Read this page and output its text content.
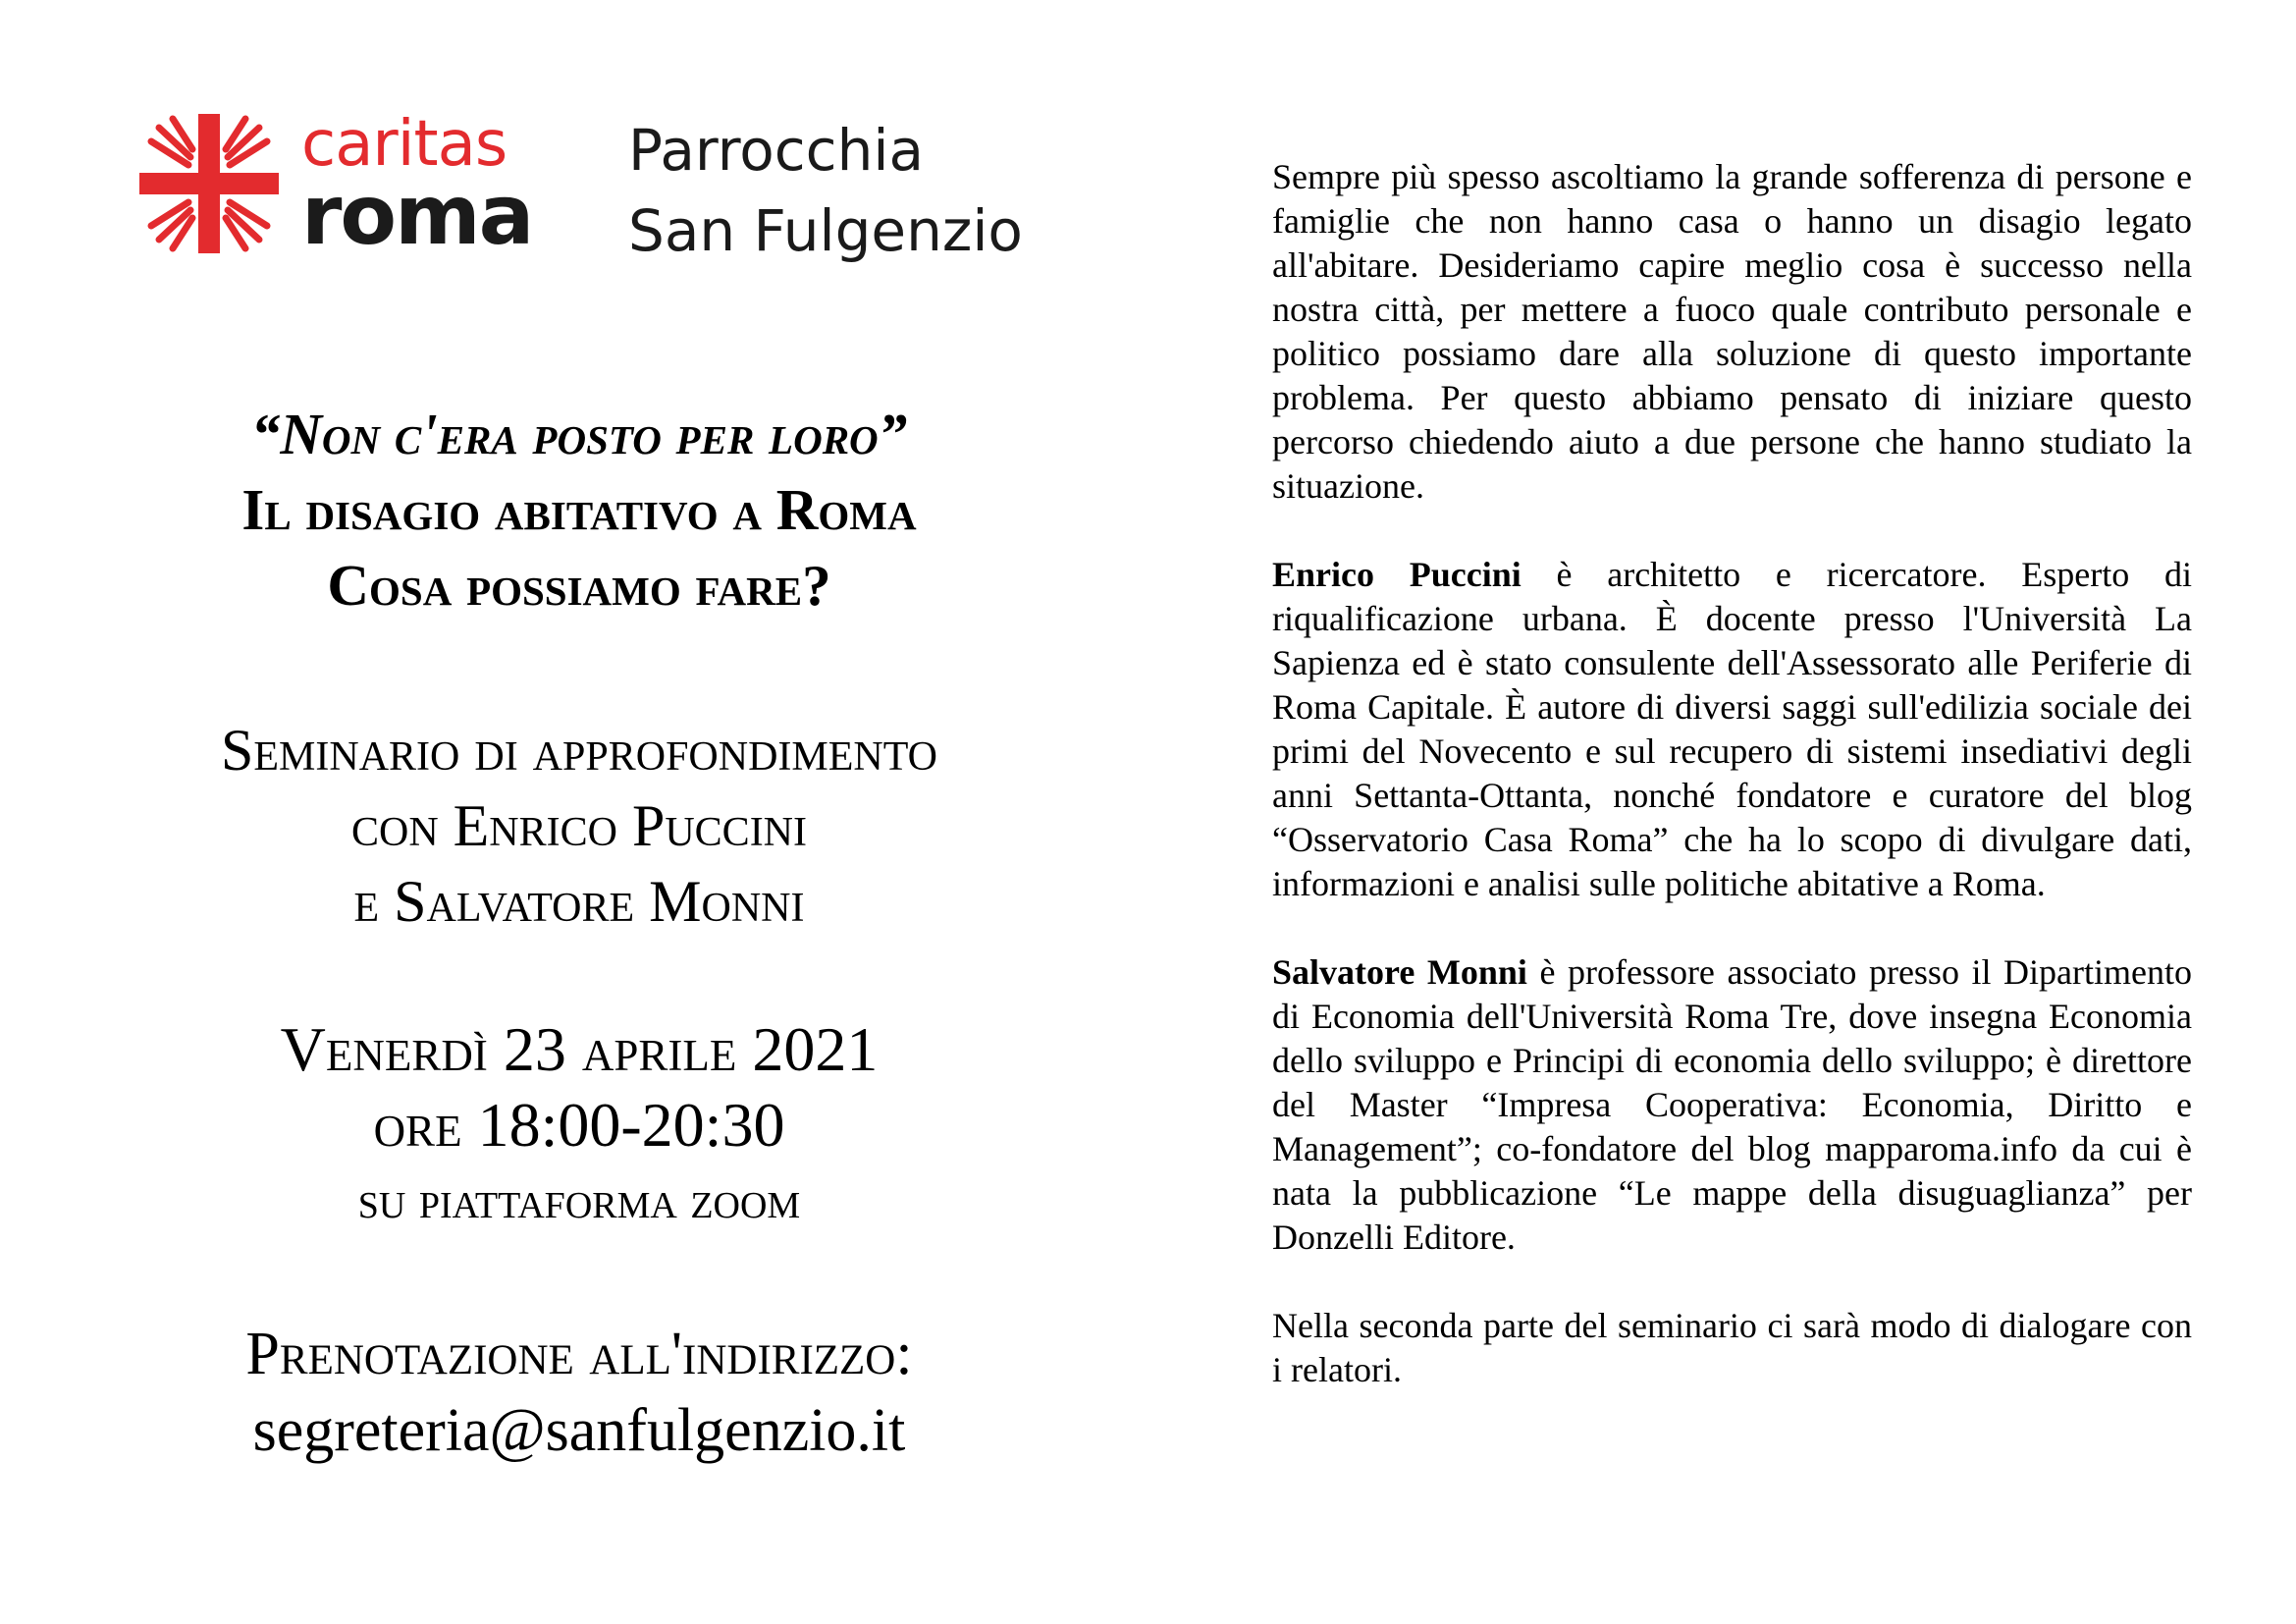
caritas
roma
Parrocchia
San Fulgenzio
“Non c'era posto per loro”
Il disagio abitativo a Roma
Cosa possiamo fare?
Seminario di approfondimento
con Enrico Puccini
e Salvatore Monni
Venerdì 23 aprile 2021
ore 18:00-20:30
su piattaforma zoom
Prenotazione all'indirizzo:
segreteria@sanfulgenzio.it

Sempre più spesso ascoltiamo la grande sofferenza di persone e famiglie che non hanno casa o hanno un disagio legato all'abitare. Desideriamo capire meglio cosa è successo nella nostra città, per mettere a fuoco quale contributo personale e politico possiamo dare alla soluzione di questo importante problema. Per questo abbiamo pensato di iniziare questo percorso chiedendo aiuto a due persone che hanno studiato la situazione.

Enrico Puccini è architetto e ricercatore. Esperto di riqualificazione urbana. È docente presso l'Università La Sapienza ed è stato consulente dell'Assessorato alle Periferie di Roma Capitale. È autore di diversi saggi sull'edilizia sociale dei primi del Novecento e sul recupero di sistemi insediativi degli anni Settanta-Ottanta, nonché fondatore e curatore del blog “Osservatorio Casa Roma” che ha lo scopo di divulgare dati, informazioni e analisi sulle politiche abitative a Roma.

Salvatore Monni è professore associato presso il Dipartimento di Economia dell'Università Roma Tre, dove insegna Economia dello sviluppo e Principi di economia dello sviluppo; è direttore del Master “Impresa Cooperativa: Economia, Diritto e Management”; co-fondatore del blog mapparoma.info da cui è nata la pubblicazione “Le mappe della disuguaglianza” per Donzelli Editore.

Nella seconda parte del seminario ci sarà modo di dialogare con i relatori.
